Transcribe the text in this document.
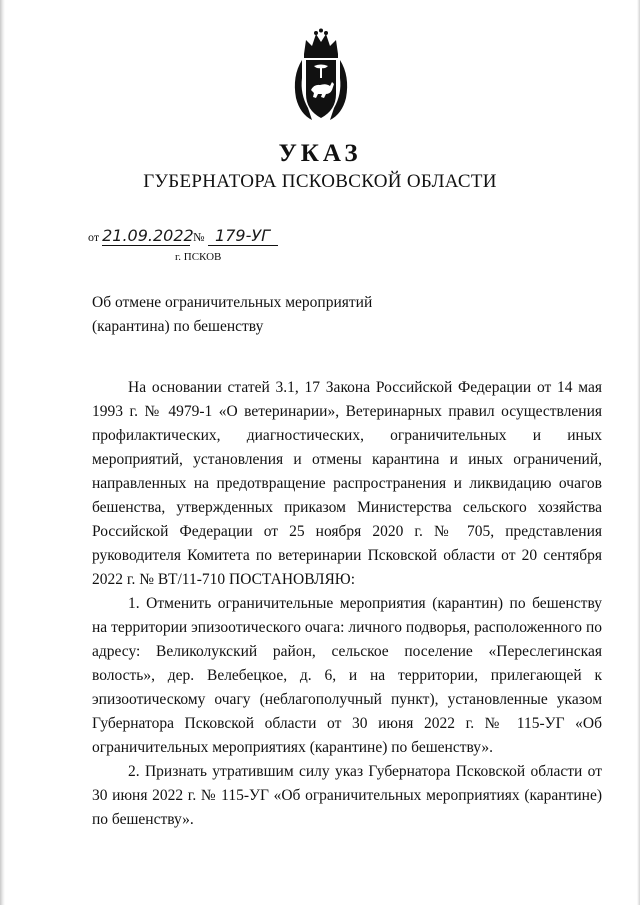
УКАЗ
ГУБЕРНАТОРА ПСКОВСКОЙ ОБЛАСТИ
от 21.09.2022 № 179-УГ
г. ПСКОВ
Об отмене ограничительных мероприятий
(карантина) по бешенству

На основании статей 3.1, 17 Закона Российской Федерации от 14 мая 1993 г. № 4979-1 «О ветеринарии», Ветеринарных правил осуществления профилактических, диагностических, ограничительных и иных мероприятий, установления и отмены карантина и иных ограничений, направленных на предотвращение распространения и ликвидацию очагов бешенства, утвержденных приказом Министерства сельского хозяйства Российской Федерации от 25 ноября 2020 г. № 705, представления руководителя Комитета по ветеринарии Псковской области от 20 сентября 2022 г. № ВТ/11-710 ПОСТАНОВЛЯЮ:

1. Отменить ограничительные мероприятия (карантин) по бешенству на территории эпизоотического очага: личного подворья, расположенного по адресу: Великолукский район, сельское поселение «Переслегинская волость», дер. Велебецкое, д. 6, и на территории, прилегающей к эпизоотическому очагу (неблагополучный пункт), установленные указом Губернатора Псковской области от 30 июня 2022 г. № 115-УГ «Об ограничительных мероприятиях (карантине) по бешенству».

2. Признать утратившим силу указ Губернатора Псковской области от 30 июня 2022 г. № 115-УГ «Об ограничительных мероприятиях (карантине) по бешенству».
